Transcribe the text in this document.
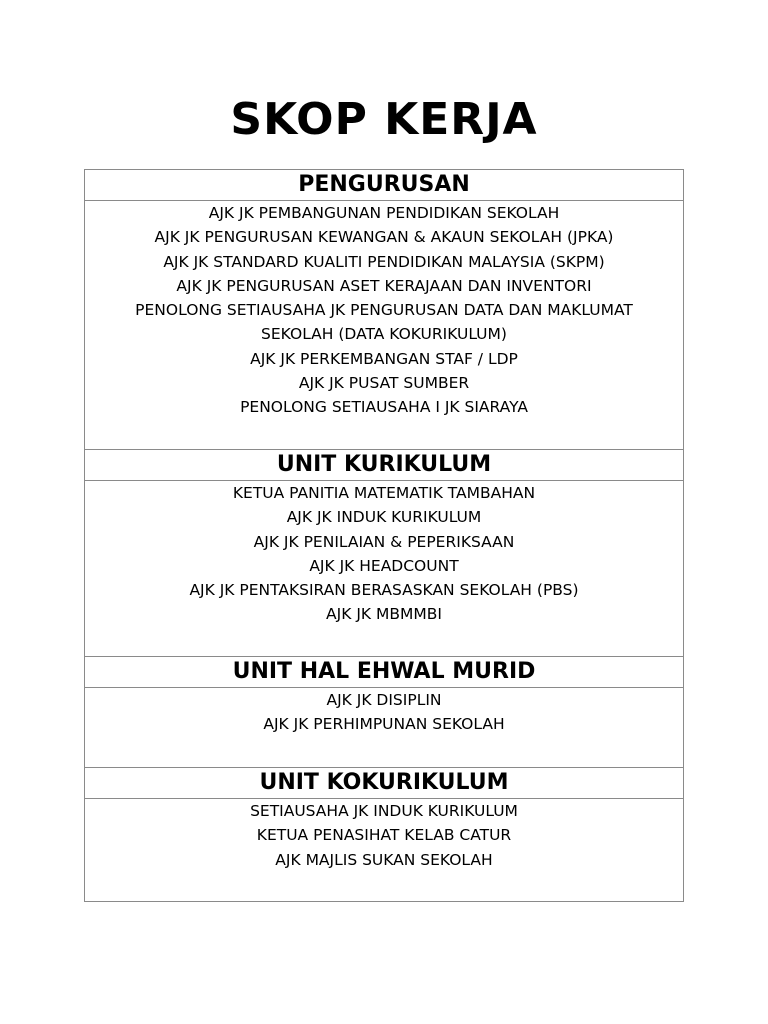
SKOP KERJA
PENGURUSAN

AJK JK PEMBANGUNAN PENDIDIKAN SEKOLAH
AJK JK PENGURUSAN KEWANGAN & AKAUN SEKOLAH (JPKA)
AJK JK STANDARD KUALITI PENDIDIKAN MALAYSIA (SKPM)
AJK JK PENGURUSAN ASET KERAJAAN DAN INVENTORI
PENOLONG SETIAUSAHA JK PENGURUSAN DATA DAN MAKLUMAT
SEKOLAH (DATA KOKURIKULUM)
AJK JK PERKEMBANGAN STAF / LDP
AJK JK PUSAT SUMBER
PENOLONG SETIAUSAHA I JK SIARAYA

UNIT KURIKULUM

KETUA PANITIA MATEMATIK TAMBAHAN
AJK JK INDUK KURIKULUM
AJK JK PENILAIAN & PEPERIKSAAN
AJK JK HEADCOUNT
AJK JK PENTAKSIRAN BERASASKAN SEKOLAH (PBS)
AJK JK MBMMBI

UNIT HAL EHWAL MURID

AJK JK DISIPLIN
AJK JK PERHIMPUNAN SEKOLAH

UNIT KOKURIKULUM

SETIAUSAHA JK INDUK KURIKULUM
KETUA PENASIHAT KELAB CATUR
AJK MAJLIS SUKAN SEKOLAH
